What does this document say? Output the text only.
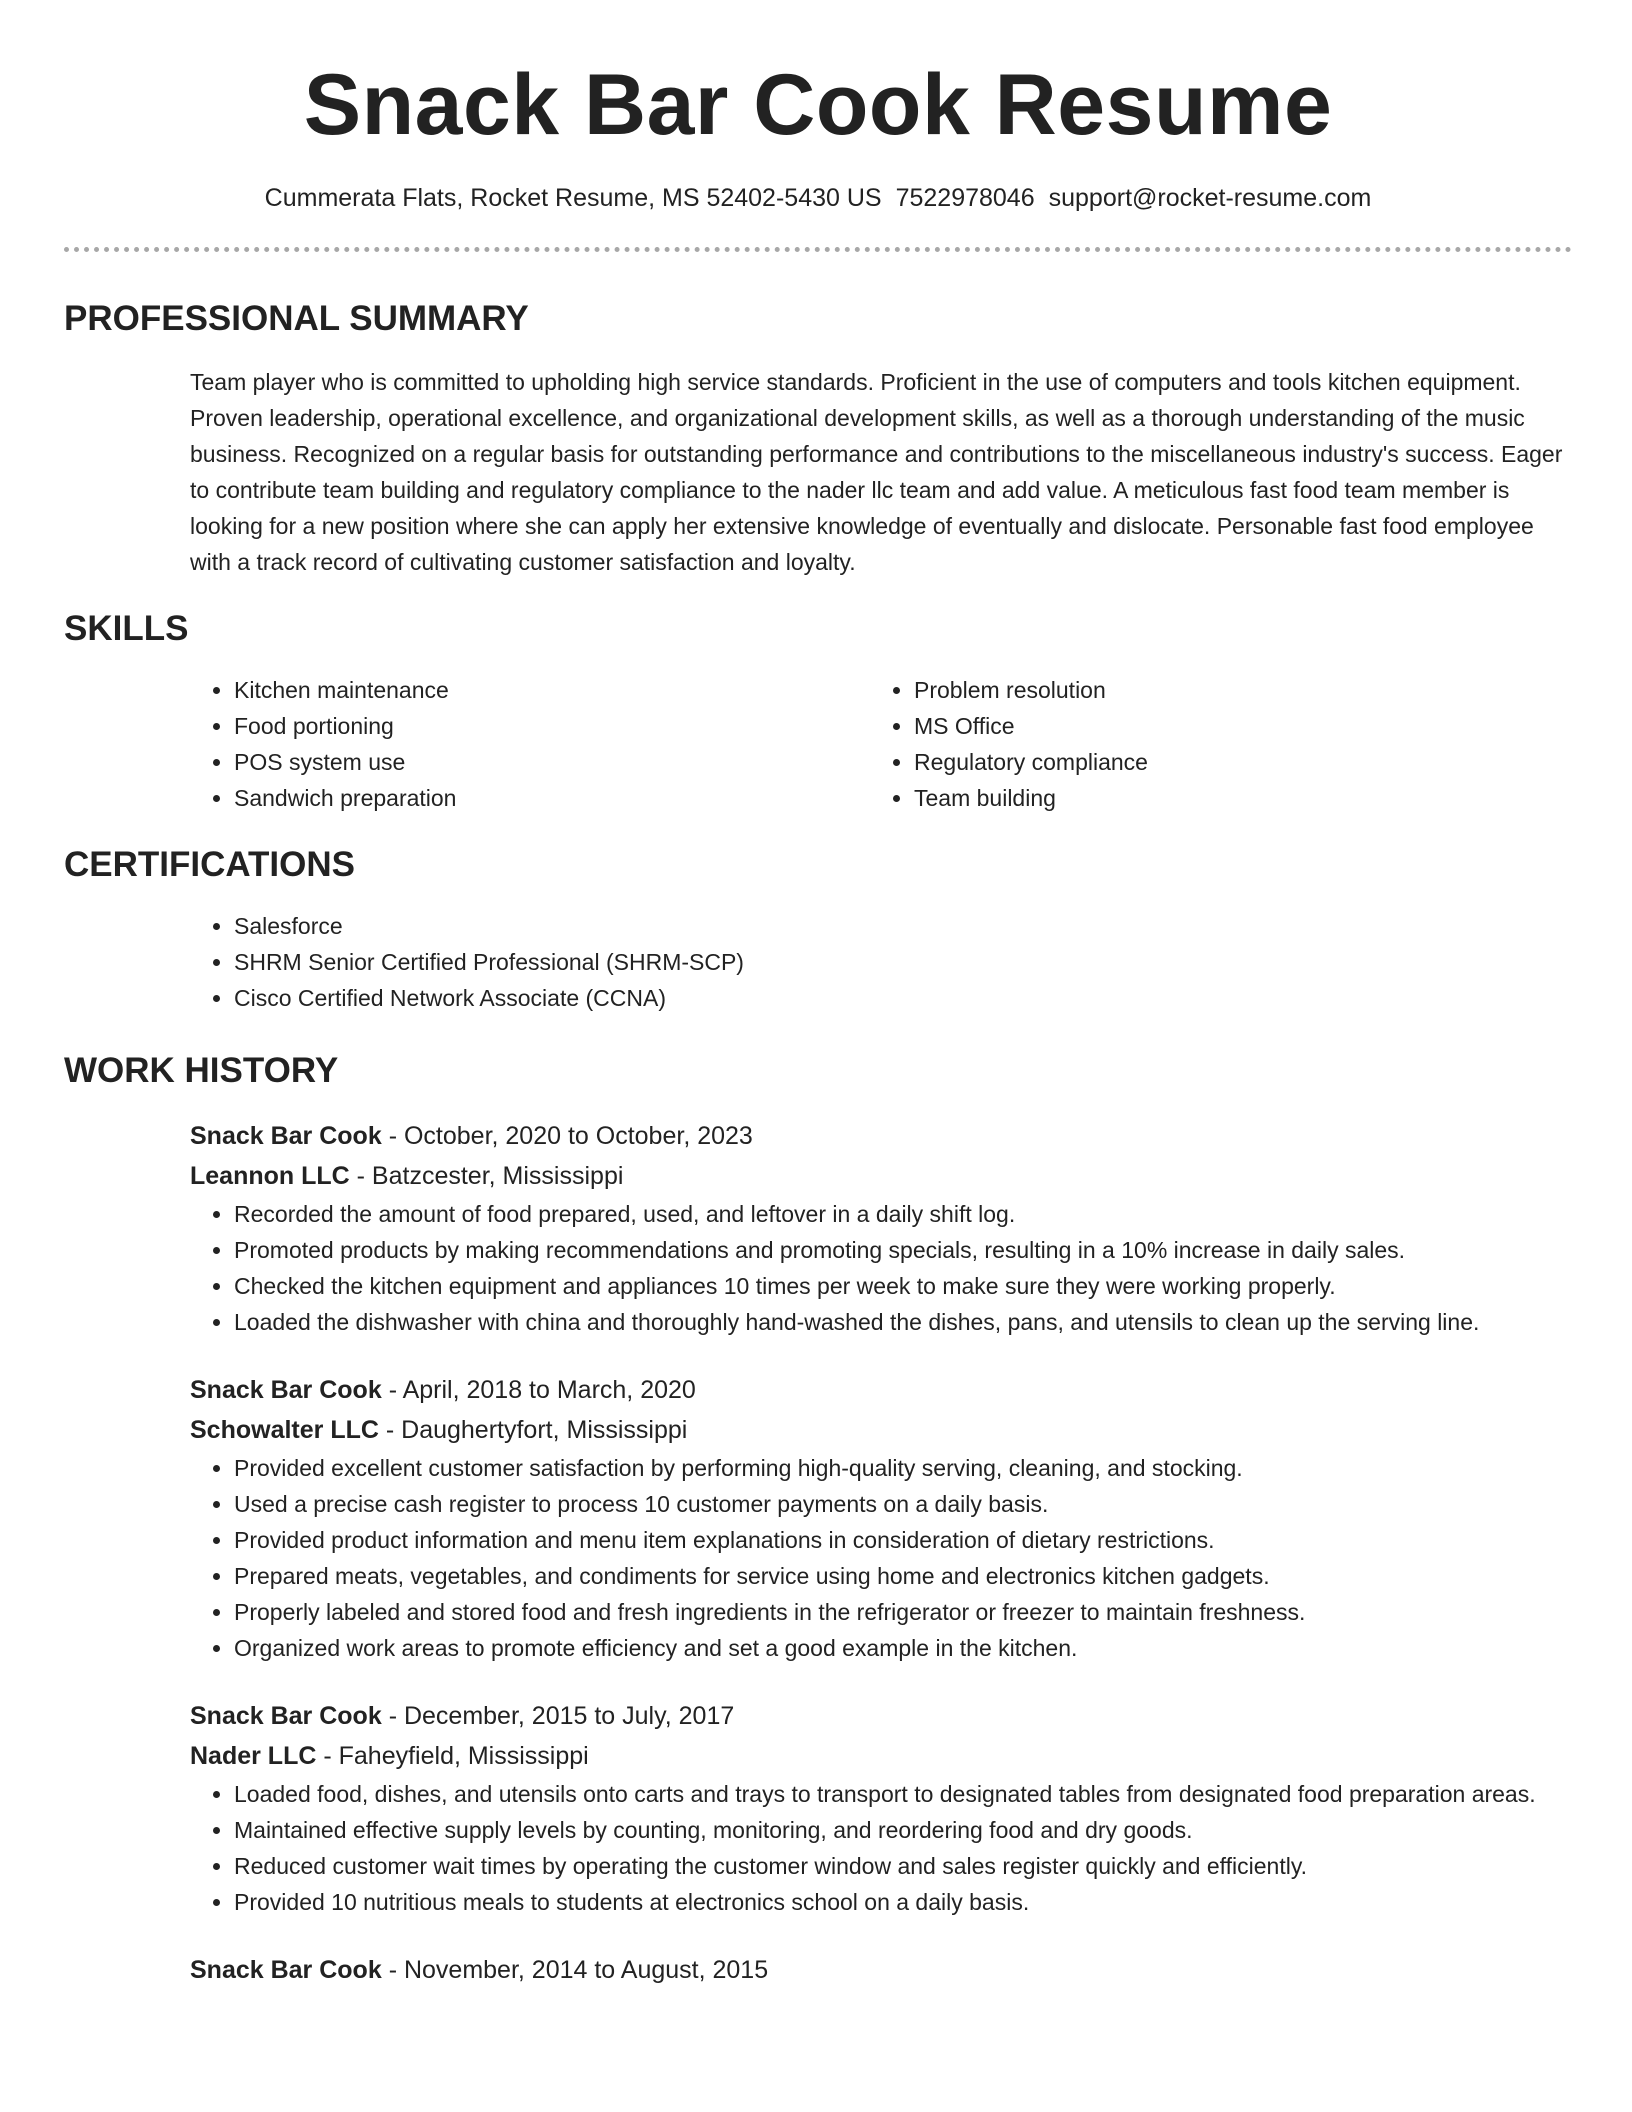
Snack Bar Cook Resume
Cummerata Flats, Rocket Resume, MS 52402-5430 US 7522978046 support@rocket-resume.com
PROFESSIONAL SUMMARY

Team player who is committed to upholding high service standards. Proficient in the use of computers and tools kitchen equipment. Proven leadership, operational excellence, and organizational development skills, as well as a thorough understanding of the music business. Recognized on a regular basis for outstanding performance and contributions to the miscellaneous industry's success. Eager to contribute team building and regulatory compliance to the nader llc team and add value. A meticulous fast food team member is looking for a new position where she can apply her extensive knowledge of eventually and dislocate. Personable fast food employee with a track record of cultivating customer satisfaction and loyalty.

SKILLS
• Kitchen maintenance
• Food portioning
• POS system use
• Sandwich preparation
• Problem resolution
• MS Office
• Regulatory compliance
• Team building
CERTIFICATIONS
• Salesforce
• SHRM Senior Certified Professional (SHRM-SCP)
• Cisco Certified Network Associate (CCNA)
WORK HISTORY
Snack Bar Cook - October, 2020 to October, 2023
Leannon LLC - Batzcester, Mississippi
• Recorded the amount of food prepared, used, and leftover in a daily shift log.
• Promoted products by making recommendations and promoting specials, resulting in a 10% increase in daily sales.
• Checked the kitchen equipment and appliances 10 times per week to make sure they were working properly.
• Loaded the dishwasher with china and thoroughly hand-washed the dishes, pans, and utensils to clean up the serving line.
Snack Bar Cook - April, 2018 to March, 2020
Schowalter LLC - Daughertyfort, Mississippi
• Provided excellent customer satisfaction by performing high-quality serving, cleaning, and stocking.
• Used a precise cash register to process 10 customer payments on a daily basis.
• Provided product information and menu item explanations in consideration of dietary restrictions.
• Prepared meats, vegetables, and condiments for service using home and electronics kitchen gadgets.
• Properly labeled and stored food and fresh ingredients in the refrigerator or freezer to maintain freshness.
• Organized work areas to promote efficiency and set a good example in the kitchen.
Snack Bar Cook - December, 2015 to July, 2017
Nader LLC - Faheyfield, Mississippi
• Loaded food, dishes, and utensils onto carts and trays to transport to designated tables from designated food preparation areas.
• Maintained effective supply levels by counting, monitoring, and reordering food and dry goods.
• Reduced customer wait times by operating the customer window and sales register quickly and efficiently.
• Provided 10 nutritious meals to students at electronics school on a daily basis.
Snack Bar Cook - November, 2014 to August, 2015
